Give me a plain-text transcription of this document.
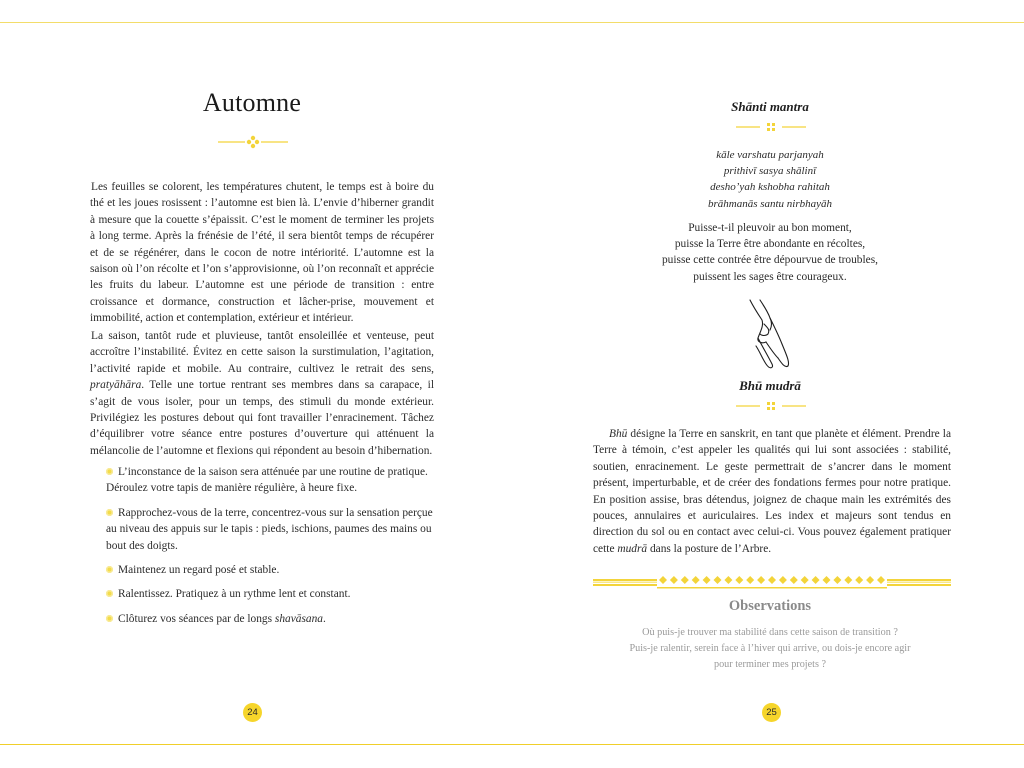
Automne

Les feuilles se colorent, les températures chutent, le temps est à boire du thé et les joues rosissent : l’automne est bien là. L’envie d’hiberner grandit à mesure que la couette s’épaissit. C’est le moment de terminer les projets à long terme. Après la frénésie de l’été, il sera bientôt temps de récupérer et de se régénérer, dans le cocon de notre intériorité. L’automne est la saison où l’on récolte et l’on s’approvisionne, où l’on reconnaît et apprécie les fruits du labeur. L’automne est une période de transition : entre croissance et dormance, construction et lâcher-prise, mouvement et immobilité, action et contemplation, extérieur et intérieur.

La saison, tantôt rude et pluvieuse, tantôt ensoleillée et venteuse, peut accroître l’instabilité. Évitez en cette saison la surstimulation, l’agitation, l’activité rapide et mobile. Au contraire, cultivez le retrait des sens, pratyāhāra. Telle une tortue rentrant ses membres dans sa carapace, il s’agit de vous isoler, pour un temps, des stimuli du monde extérieur. Privilégiez les postures debout qui font travailler l’enracinement. Tâchez d’équilibrer votre séance entre postures d’ouverture qui atténuent la mélancolie de l’automne et flexions qui répondent au besoin d’hibernation.

L’inconstance de la saison sera atténuée par une routine de pratique. Déroulez votre tapis de manière régulière, à heure fixe.
Rapprochez-vous de la terre, concentrez-vous sur la sensation perçue au niveau des appuis sur le tapis : pieds, ischions, paumes des mains ou bout des doigts.
Maintenez un regard posé et stable.
Ralentissez. Pratiquez à un rythme lent et constant.
Clôturez vos séances par de longs shavāsana.
24
Shānti mantra
kāle varshatu parjanyah
prithivī sasya shālinī
desho’yah kshobha rahitah
brāhmanās santu nirbhayāh
Puisse-t-il pleuvoir au bon moment,
puisse la Terre être abondante en récoltes,
puisse cette contrée être dépourvue de troubles,
puissent les sages être courageux.
Bhū mudrā

Bhū désigne la Terre en sanskrit, en tant que planète et élément. Prendre la Terre à témoin, c’est appeler les qualités qui lui sont associées : stabilité, soutien, enracinement. Le geste permettrait de s’ancrer dans le moment présent, imperturbable, et de créer des fondations fermes pour notre pratique. En position assise, bras détendus, joignez de chaque main les extrémités des pouces, annulaires et auriculaires. Les index et majeurs sont tendus en direction du sol ou en contact avec celui-ci. Vous pouvez également pratiquer cette mudrā dans la posture de l’Arbre.

Observations
Où puis-je trouver ma stabilité dans cette saison de transition ?
Puis-je ralentir, serein face à l’hiver qui arrive, ou dois-je encore agir
pour terminer mes projets ?
25
